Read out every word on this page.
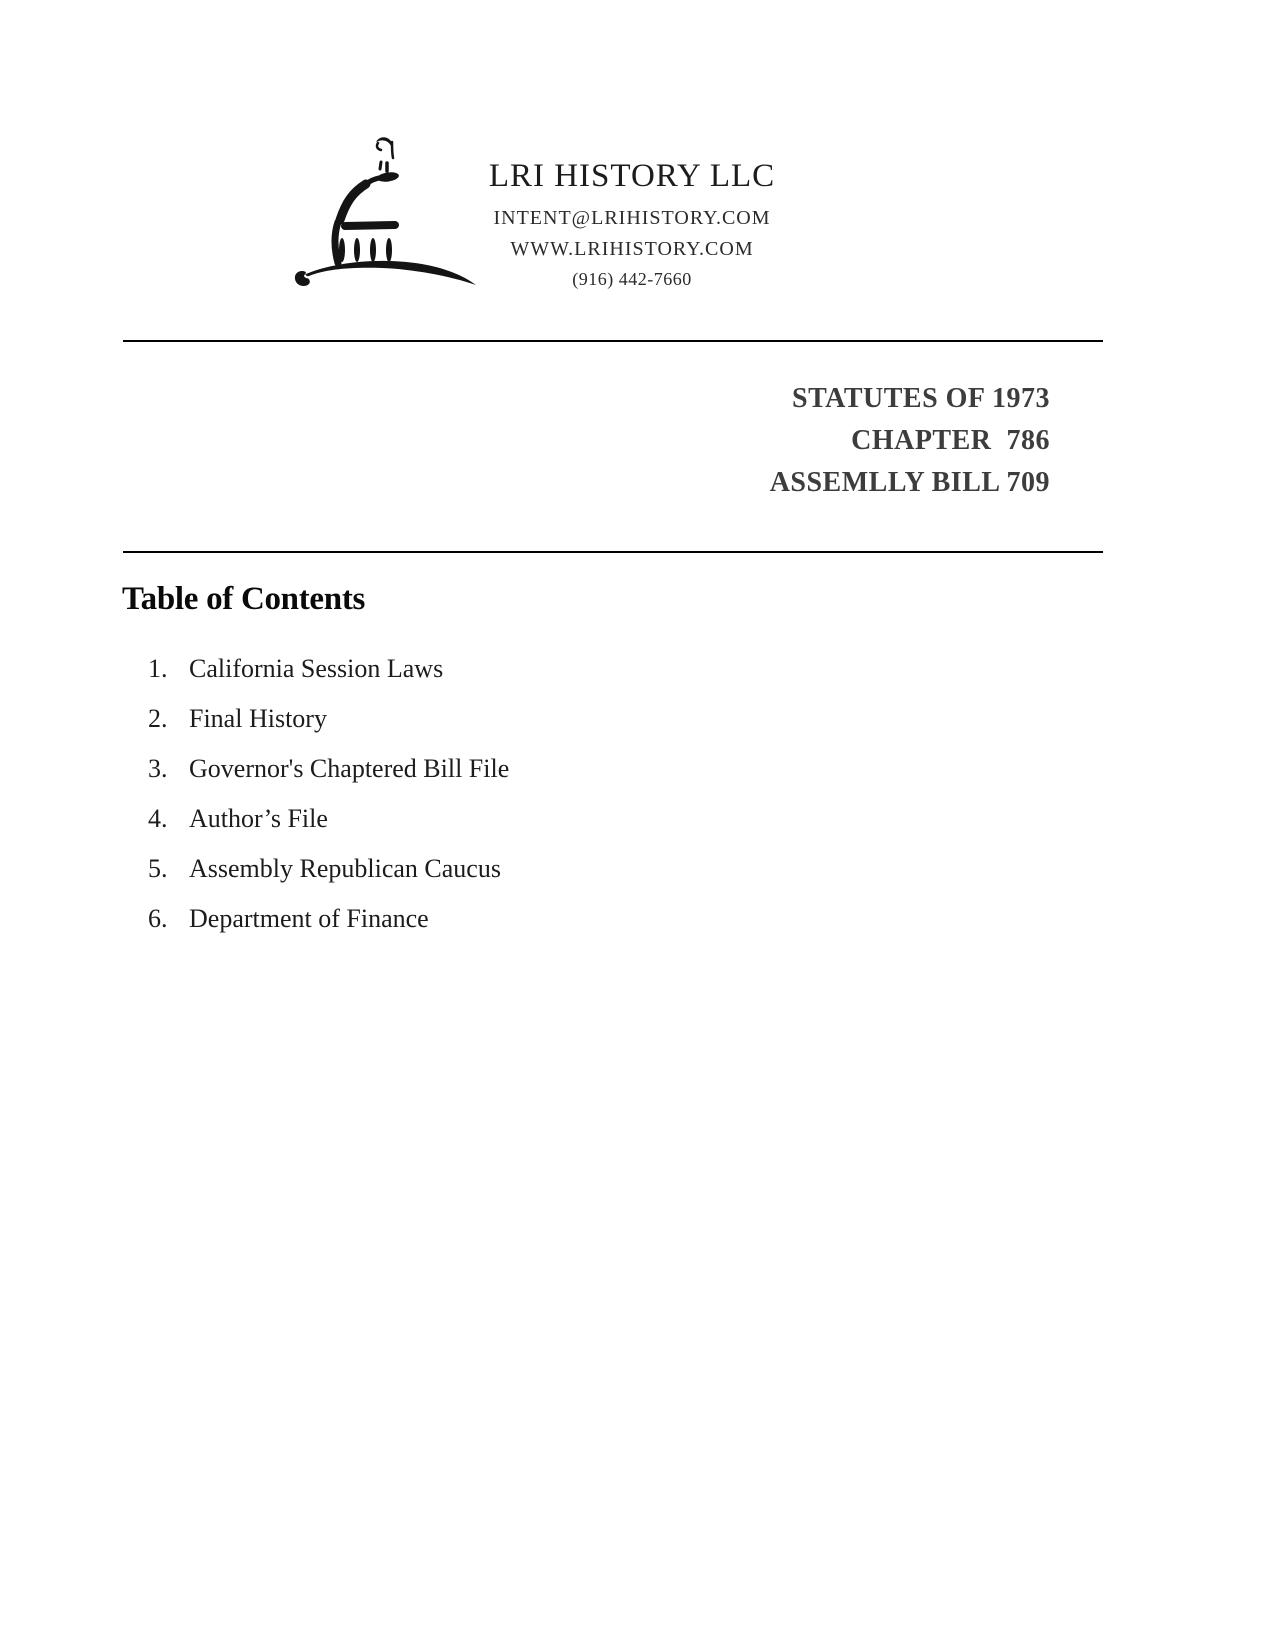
LRI HISTORY LLC
INTENT@LRIHISTORY.COM
WWW.LRIHISTORY.COM
(916) 442-7660
STATUTES OF 1973
CHAPTER  786
ASSEMLLY BILL 709
Table of Contents
1. California Session Laws
2. Final History
3. Governor's Chaptered Bill File
4. Author’s File
5. Assembly Republican Caucus
6. Department of Finance
